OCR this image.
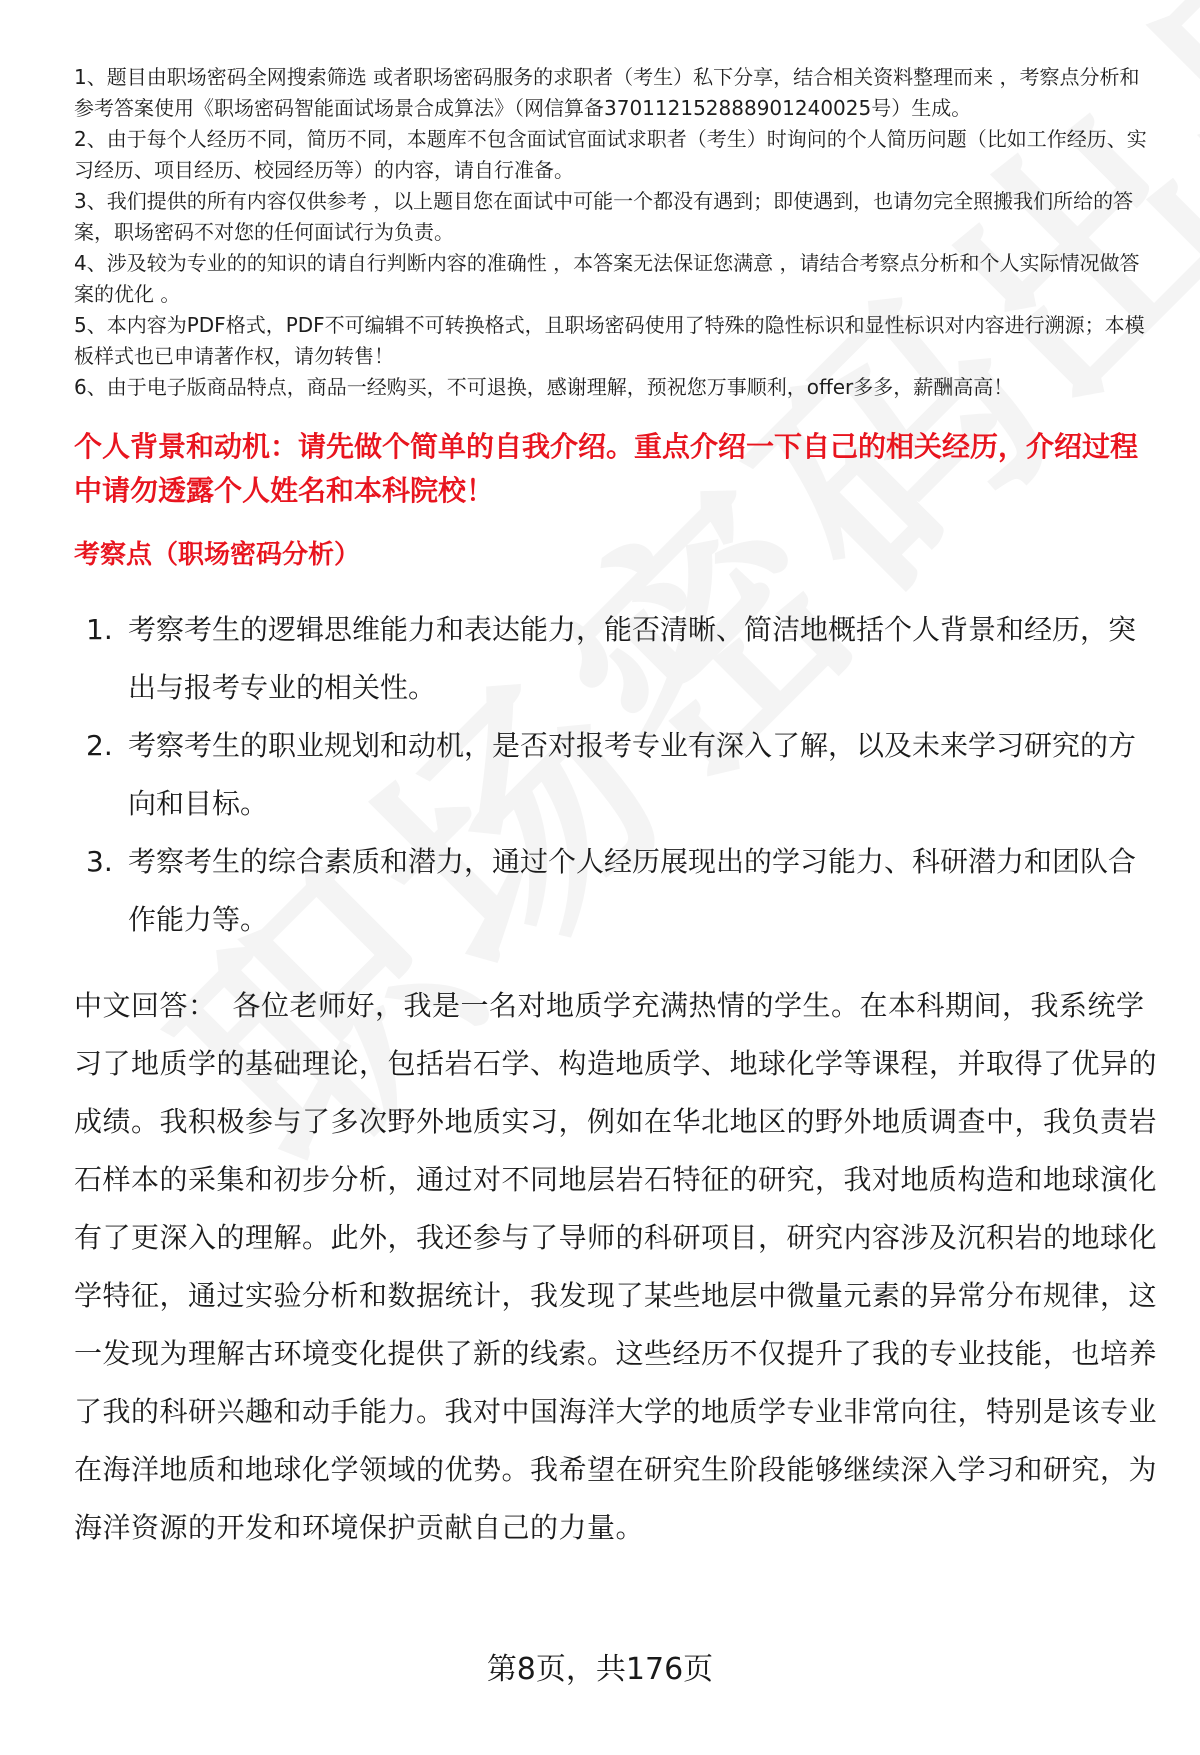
1、题目由职场密码全网搜索筛选 或者职场密码服务的求职者（考生）私下分享，结合相关资料整理而来 ，考察点分析和参考答案使用《职场密码智能面试场景合成算法》（网信算备370112152888901240025号）生成。

2、由于每个人经历不同，简历不同，本题库不包含面试官面试求职者（考生）时询问的个人简历问题（比如工作经历、实习经历、项目经历、校园经历等）的内容，请自行准备。

3、我们提供的所有内容仅供参考 ，以上题目您在面试中可能一个都没有遇到；即使遇到，也请勿完全照搬我们所给的答案，职场密码不对您的任何面试行为负责。

4、涉及较为专业的的知识的请自行判断内容的准确性 ，本答案无法保证您满意 ，请结合考察点分析和个人实际情况做答案的优化 。

5、本内容为PDF格式，PDF不可编辑不可转换格式，且职场密码使用了特殊的隐性标识和显性标识对内容进行溯源；本模板样式也已申请著作权，请勿转售！

6、由于电子版商品特点，商品一经购买，不可退换，感谢理解，预祝您万事顺利，offer多多，薪酬高高！

个人背景和动机：请先做个简单的自我介绍。重点介绍一下自己的相关经历，介绍过程中请勿透露个人姓名和本科院校！
考察点（职场密码分析）
1. 考察考生的逻辑思维能力和表达能力，能否清晰、简洁地概括个人背景和经历，突出与报考专业的相关性。
2. 考察考生的职业规划和动机，是否对报考专业有深入了解，以及未来学习研究的方向和目标。
3. 考察考生的综合素质和潜力，通过个人经历展现出的学习能力、科研潜力和团队合作能力等。
中文回答： 各位老师好，我是一名对地质学充满热情的学生。在本科期间，我系统学习了地质学的基础理论，包括岩石学、构造地质学、地球化学等课程，并取得了优异的成绩。我积极参与了多次野外地质实习，例如在华北地区的野外地质调查中，我负责岩石样本的采集和初步分析，通过对不同地层岩石特征的研究，我对地质构造和地球演化有了更深入的理解。此外，我还参与了导师的科研项目，研究内容涉及沉积岩的地球化学特征，通过实验分析和数据统计，我发现了某些地层中微量元素的异常分布规律，这一发现为理解古环境变化提供了新的线索。这些经历不仅提升了我的专业技能，也培养了我的科研兴趣和动手能力。我对中国海洋大学的地质学专业非常向往，特别是该专业在海洋地质和地球化学领域的优势。我希望在研究生阶段能够继续深入学习和研究，为海洋资源的开发和环境保护贡献自己的力量。
第8页，共176页
